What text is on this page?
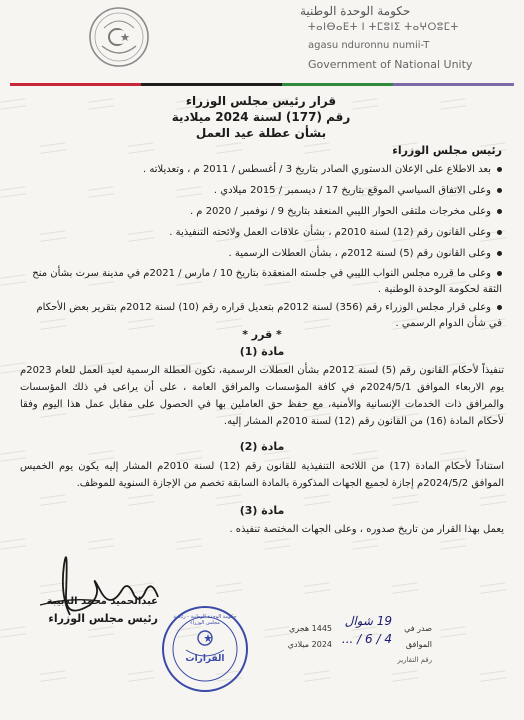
حكومة الوحدة الوطنية
ⵜⴰⵏⴱⴰⴹⵜ ⵏ ⵜⵎⵓⵏⵉ ⵜⴰⵖⵔⵓⵎⵜ
agasu nduronnu numii-T
Government of National Unity
قرار رئيس مجلس الوزراء
رقم (177) لسنة 2024 ميلادية
بشأن عطلة عيد العمل
رئيس مجلس الوزراء
بعد الاطلاع على الإعلان الدستوري الصادر بتاريخ 3 / أغسطس / 2011 م ، وتعديلاته .
وعلى الاتفاق السياسي الموقع بتاريخ 17 / ديسمبر / 2015 ميلادي .
وعلى مخرجات ملتقى الحوار الليبي المنعقد بتاريخ 9 / نوفمبر / 2020 م .
وعلى القانون رقم (12) لسنة 2010م ، بشأن علاقات العمل ولائحته التنفيذية .
وعلى القانون رقم (5) لسنة 2012م ، بشأن العطلات الرسمية .
وعلى ما قرره مجلس النواب الليبي في جلسته المنعقدة بتاريخ 10 / مارس / 2021م في مدينة سرت بشأن منح الثقة لحكومة الوحدة الوطنية .
وعلى قرار مجلس الوزراء رقم (356) لسنة 2012م بتعديل قراره رقم (10) لسنة 2012م بتقرير بعض الأحكام في شأن الدوام الرسمي .
* قرر *
مادة (1)
تنفيذاً لأحكام القانون رقم (5) لسنة 2012م بشأن العطلات الرسمية، تكون العطلة الرسمية لعيد العمل للعام 2023م يوم الاربعاء الموافق 2024/5/1م في كافة المؤسسات والمرافق العامة ، على أن يراعى في ذلك المؤسسات والمرافق ذات الخدمات الإنسانية والأمنية، مع حفظ حق العاملين بها في الحصول على مقابل عمل هذا اليوم وفقا لأحكام المادة (16) من القانون رقم (12) لسنة 2010م المشار إليه.
مادة (2)
استناداً لأحكام المادة (17) من اللائحة التنفيذية للقانون رقم (12) لسنة 2010م المشار إليه يكون يوم الخميس الموافق 2024/5/2م إجازة لجميع الجهات المذكورة بالمادة السابقة تخصم من الإجازة السنوية للموظف.
مادة (3)
يعمل بهذا القرار من تاريخ صدوره ، وعلى الجهات المختصة تنفيذه .
عبدالحميد محمد الدبيبة
رئيس مجلس الوزراء
القرارات
حكومة الوحدة الوطنية - رئاسة مجلس الوزراء
صدر في
19 شوال
1445 هجري
الموافق
4 / 6 / ...
2024 ميلادي
رقم التقارير
